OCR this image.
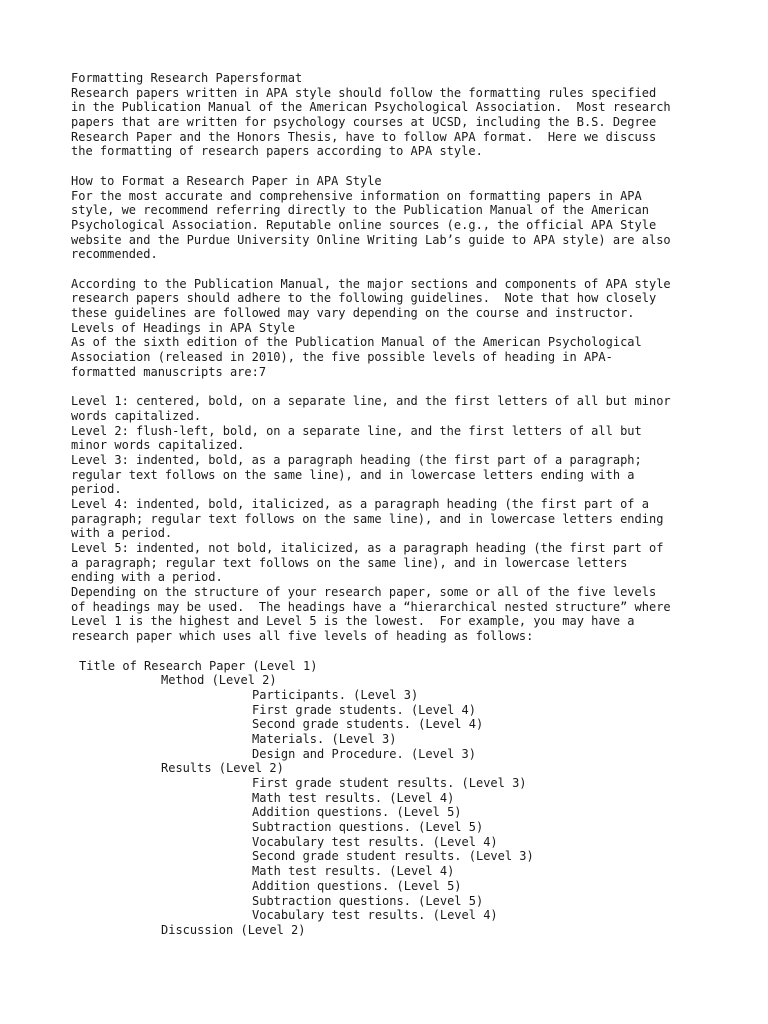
Formatting Research Papersformat
Research papers written in APA style should follow the formatting rules specified
in the Publication Manual of the American Psychological Association.  Most research
papers that are written for psychology courses at UCSD, including the B.S. Degree
Research Paper and the Honors Thesis, have to follow APA format.  Here we discuss
the formatting of research papers according to APA style.
How to Format a Research Paper in APA Style
For the most accurate and comprehensive information on formatting papers in APA
style, we recommend referring directly to the Publication Manual of the American
Psychological Association. Reputable online sources (e.g., the official APA Style
website and the Purdue University Online Writing Lab’s guide to APA style) are also
recommended.
According to the Publication Manual, the major sections and components of APA style
research papers should adhere to the following guidelines.  Note that how closely
these guidelines are followed may vary depending on the course and instructor.
Levels of Headings in APA Style
As of the sixth edition of the Publication Manual of the American Psychological
Association (released in 2010), the five possible levels of heading in APA-
formatted manuscripts are:7
Level 1: centered, bold, on a separate line, and the first letters of all but minor
words capitalized.
Level 2: flush-left, bold, on a separate line, and the first letters of all but
minor words capitalized.
Level 3: indented, bold, as a paragraph heading (the first part of a paragraph;
regular text follows on the same line), and in lowercase letters ending with a
period.
Level 4: indented, bold, italicized, as a paragraph heading (the first part of a
paragraph; regular text follows on the same line), and in lowercase letters ending
with a period.
Level 5: indented, not bold, italicized, as a paragraph heading (the first part of
a paragraph; regular text follows on the same line), and in lowercase letters
ending with a period.
Depending on the structure of your research paper, some or all of the five levels
of headings may be used.  The headings have a “hierarchical nested structure” where
Level 1 is the highest and Level 5 is the lowest.  For example, you may have a
research paper which uses all five levels of heading as follows:
Title of Research Paper (Level 1)
Method (Level 2)
Participants. (Level 3)
First grade students. (Level 4)
Second grade students. (Level 4)
Materials. (Level 3)
Design and Procedure. (Level 3)
Results (Level 2)
First grade student results. (Level 3)
Math test results. (Level 4)
Addition questions. (Level 5)
Subtraction questions. (Level 5)
Vocabulary test results. (Level 4)
Second grade student results. (Level 3)
Math test results. (Level 4)
Addition questions. (Level 5)
Subtraction questions. (Level 5)
Vocabulary test results. (Level 4)
Discussion (Level 2)
